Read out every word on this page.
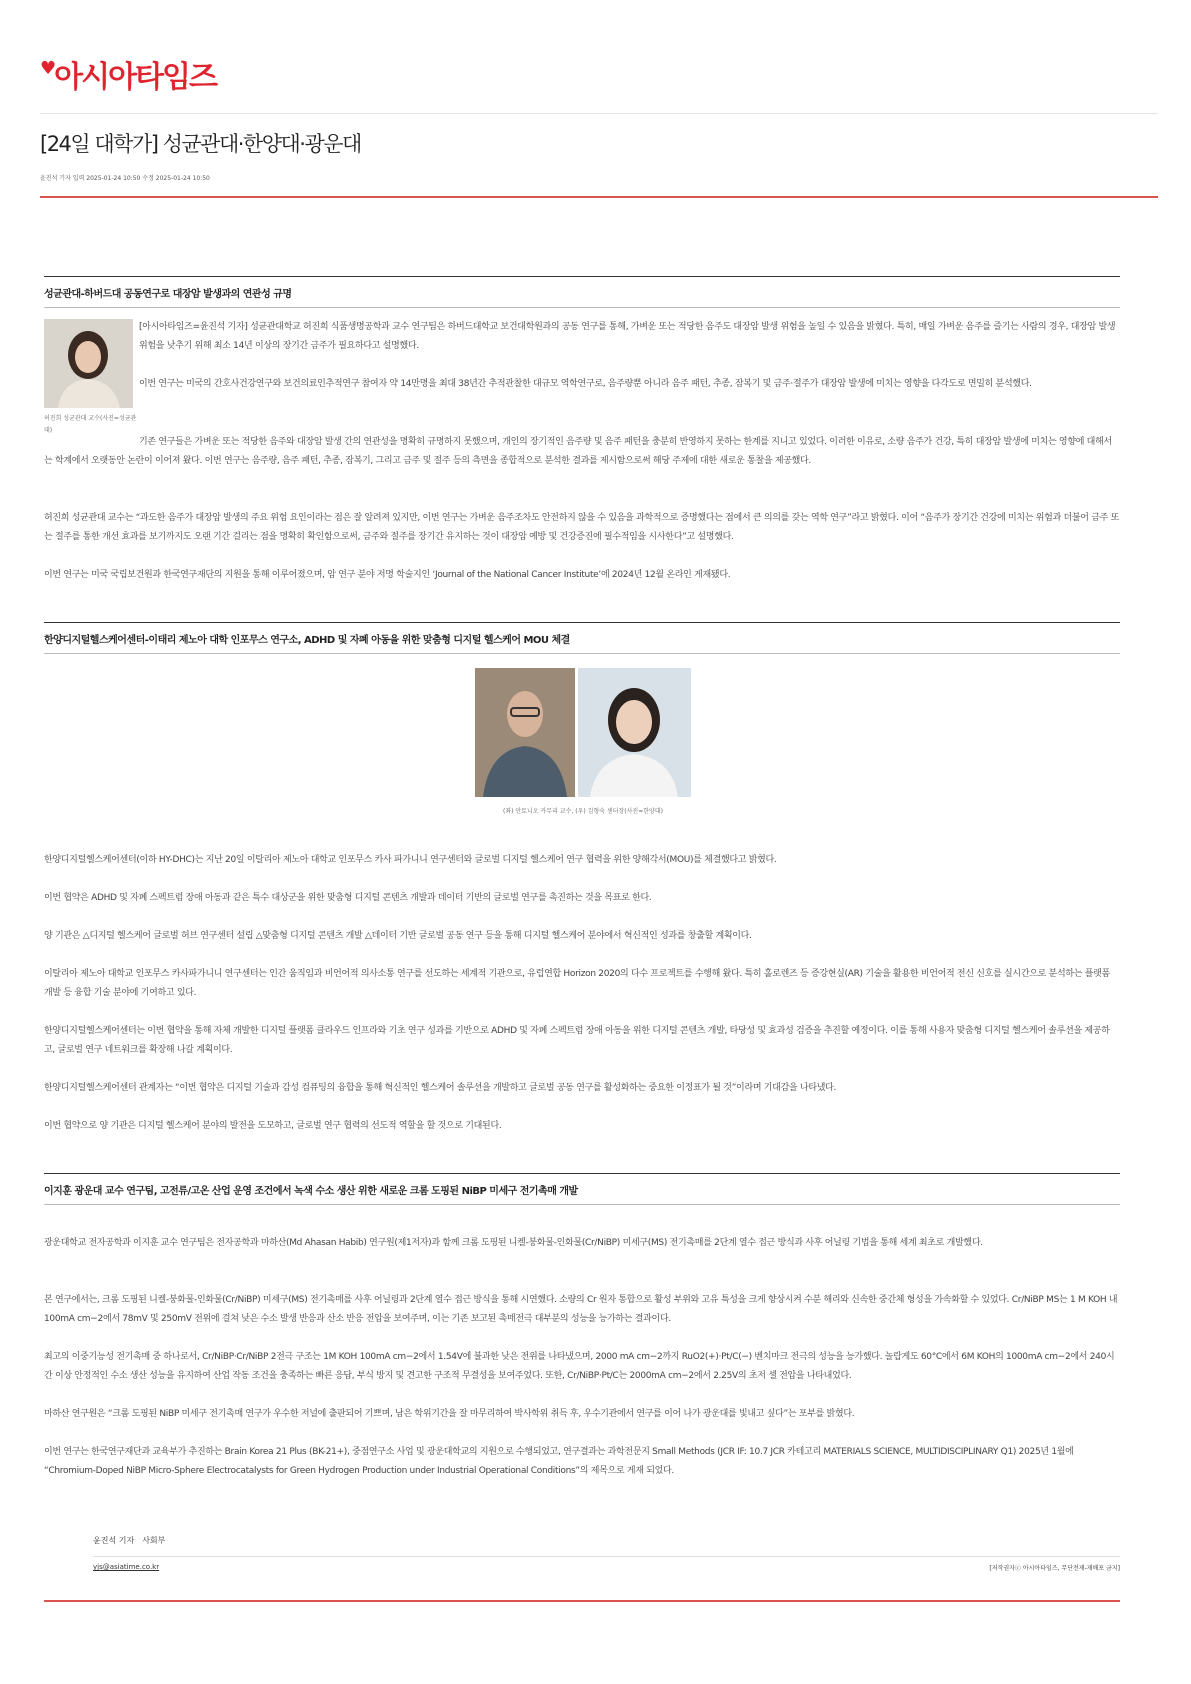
♥
아시아타임즈
[24일 대학가] 성균관대·한양대·광운대
윤진석 기자 입력 2025-01-24 10:50 수정 2025-01-24 10:50
성균관대-하버드대 공동연구로 대장암 발생과의 연관성 규명
허진희 성균관대 교수(사진=성균관대)

[아시아타임즈=윤진석 기자] 성균관대학교 허진희 식품생명공학과 교수 연구팀은 하버드대학교 보건대학원과의 공동 연구를 통해, 가벼운 또는 적당한 음주도 대장암 발생 위험을 높일 수 있음을 밝혔다. 특히, 매일 가벼운 음주를 즐기는 사람의 경우, 대장암 발생 위험을 낮추기 위해 최소 14년 이상의 장기간 금주가 필요하다고 설명했다.

이번 연구는 미국의 간호사건강연구와 보건의료인추적연구 참여자 약 14만명을 최대 38년간 추적관찰한 대규모 역학연구로, 음주량뿐 아니라 음주 패턴, 추종, 잠복기 및 금주·절주가 대장암 발생에 미치는 영향을 다각도로 면밀히 분석했다.

기존 연구들은 가벼운 또는 적당한 음주와 대장암 발생 간의 연관성을 명확히 규명하지 못했으며, 개인의 장기적인 음주량 및 음주 패턴을 충분히 반영하지 못하는 한계를 지니고 있었다. 이러한 이유로, 소량 음주가 건강, 특히 대장암 발생에 미치는 영향에 대해서는 학계에서 오랫동안 논란이 이어져 왔다. 이번 연구는 음주량, 음주 패턴, 추종, 잠복기, 그리고 금주 및 절주 등의 측면을 종합적으로 분석한 결과를 제시함으로써 해당 주제에 대한 새로운 통찰을 제공했다.

허진희 성균관대 교수는 “과도한 음주가 대장암 발생의 주요 위험 요인이라는 점은 잘 알려져 있지만, 이번 연구는 가벼운 음주조차도 안전하지 않을 수 있음을 과학적으로 증명했다는 점에서 큰 의의를 갖는 역학 연구”라고 밝혔다. 이어 “음주가 장기간 건강에 미치는 위험과 더불어 금주 또는 절주를 통한 개선 효과를 보기까지도 오랜 기간 걸리는 점을 명확히 확인함으로써, 금주와 절주를 장기간 유지하는 것이 대장암 예방 및 건강증진에 필수적임을 시사한다”고 설명했다.

이번 연구는 미국 국립보건원과 한국연구재단의 지원을 통해 이루어졌으며, 암 연구 분야 저명 학술지인 ‘Journal of the National Cancer Institute’에 2024년 12월 온라인 게재됐다.

한양디지털헬스케어센터-이태리 제노아 대학 인포무스 연구소, ADHD 및 자폐 아동을 위한 맞춤형 디지털 헬스케어 MOU 체결
(좌) 안토니오 카무리 교수, (우) 김형숙 센터장(사진=한양대)

한양디지털헬스케어센터(이하 HY-DHC)는 지난 20일 이탈리아 제노아 대학교 인포무스 카사 파가니니 연구센터와 글로벌 디지털 헬스케어 연구 협력을 위한 양해각서(MOU)를 체결했다고 밝혔다.

이번 협약은 ADHD 및 자폐 스펙트럼 장애 아동과 같은 특수 대상군을 위한 맞춤형 디지털 콘텐츠 개발과 데이터 기반의 글로벌 연구를 촉진하는 것을 목표로 한다.

양 기관은 △디지털 헬스케어 글로벌 허브 연구센터 설립 △맞춤형 디지털 콘텐츠 개발 △데이터 기반 글로벌 공동 연구 등을 통해 디지털 헬스케어 분야에서 혁신적인 성과를 창출할 계획이다.

이탈리아 제노아 대학교 인포무스 카사파가니니 연구센터는 인간 움직임과 비언어적 의사소통 연구를 선도하는 세계적 기관으로, 유럽연합 Horizon 2020의 다수 프로젝트를 수행해 왔다. 특히 홀로렌즈 등 증강현실(AR) 기술을 활용한 비언어적 전신 신호를 실시간으로 분석하는 플랫폼 개발 등 융합 기술 분야에 기여하고 있다.

한양디지털헬스케어센터는 이번 협약을 통해 자체 개발한 디지털 플랫폼 클라우드 인프라와 기초 연구 성과를 기반으로 ADHD 및 자폐 스펙트럼 장애 아동을 위한 디지털 콘텐츠 개발, 타당성 및 효과성 검증을 추진할 예정이다. 이를 통해 사용자 맞춤형 디지털 헬스케어 솔루션을 제공하고, 글로벌 연구 네트워크를 확장해 나갈 계획이다.

한양디지털헬스케어센터 관계자는 “이번 협약은 디지털 기술과 감성 컴퓨팅의 융합을 통해 혁신적인 헬스케어 솔루션을 개발하고 글로벌 공동 연구를 활성화하는 중요한 이정표가 될 것”이라며 기대감을 나타냈다.

이번 협약으로 양 기관은 디지털 헬스케어 분야의 발전을 도모하고, 글로벌 연구 협력의 선도적 역할을 할 것으로 기대된다.

이지훈 광운대 교수 연구팀, 고전류/고온 산업 운영 조건에서 녹색 수소 생산 위한 새로운 크롬 도핑된 NiBP 미세구 전기촉매 개발

광운대학교 전자공학과 이지훈 교수 연구팀은 전자공학과 마하산(Md Ahasan Habib) 연구원(제1저자)과 함께 크롬 도핑된 니켈-붕화물-인화물(Cr/NiBP) 미세구(MS) 전기촉매를 2단계 열수 접근 방식과 사후 어닐링 기법을 통해 세계 최초로 개발했다.

본 연구에서는, 크롬 도핑된 니켈-붕화물-인화물(Cr/NiBP) 미세구(MS) 전기촉매를 사후 어닐링과 2단계 열수 접근 방식을 통해 시연했다. 소량의 Cr 원자 통합으로 활성 부위와 고유 특성을 크게 향상시켜 수분 해리와 신속한 중간체 형성을 가속화할 수 있었다. Cr/NiBP MS는 1 M KOH 내 100mA cm−2에서 78mV 및 250mV 전위에 걸쳐 낮은 수소 발생 반응과 산소 반응 전압을 보여주며, 이는 기존 보고된 촉매전극 대부분의 성능을 능가하는 결과이다.

최고의 이중기능성 전기촉매 중 하나로서, Cr/NiBP·Cr/NiBP 2전극 구조는 1M KOH 100mA cm−2에서 1.54V에 불과한 낮은 전위를 나타냈으며, 2000 mA cm−2까지 RuO2(+)·Pt/C(−) 벤치마크 전극의 성능을 능가했다. 놀랍게도 60°C에서 6M KOH의 1000mA cm−2에서 240시간 이상 안정적인 수소 생산 성능을 유지하여 산업 작동 조건을 충족하는 빠른 응답, 부식 방지 및 견고한 구조적 무결성을 보여주었다. 또한, Cr/NiBP·Pt/C는 2000mA cm−2에서 2.25V의 초저 셀 전압을 나타내었다.

마하산 연구원은 “크롬 도핑된 NiBP 미세구 전기촉매 연구가 우수한 저널에 출판되어 기쁘며, 남은 학위기간을 잘 마무리하여 박사학위 취득 후, 우수기관에서 연구를 이어 나가 광운대를 빛내고 싶다”는 포부를 밝혔다.

이번 연구는 한국연구재단과 교육부가 추진하는 Brain Korea 21 Plus (BK-21+), 중점연구소 사업 및 광운대학교의 지원으로 수행되었고, 연구결과는 과학전문지 Small Methods (JCR IF: 10.7 JCR 카테고리 MATERIALS SCIENCE, MULTIDISCIPLINARY Q1) 2025년 1월에 “Chromium-Doped NiBP Micro-Sphere Electrocatalysts for Green Hydrogen Production under Industrial Operational Conditions”의 제목으로 게재 되었다.

윤진석 기자 사회부
yjs@asiatime.co.kr	[저작권자ⓒ 아시아타임즈, 무단전재-재배포 금지]
